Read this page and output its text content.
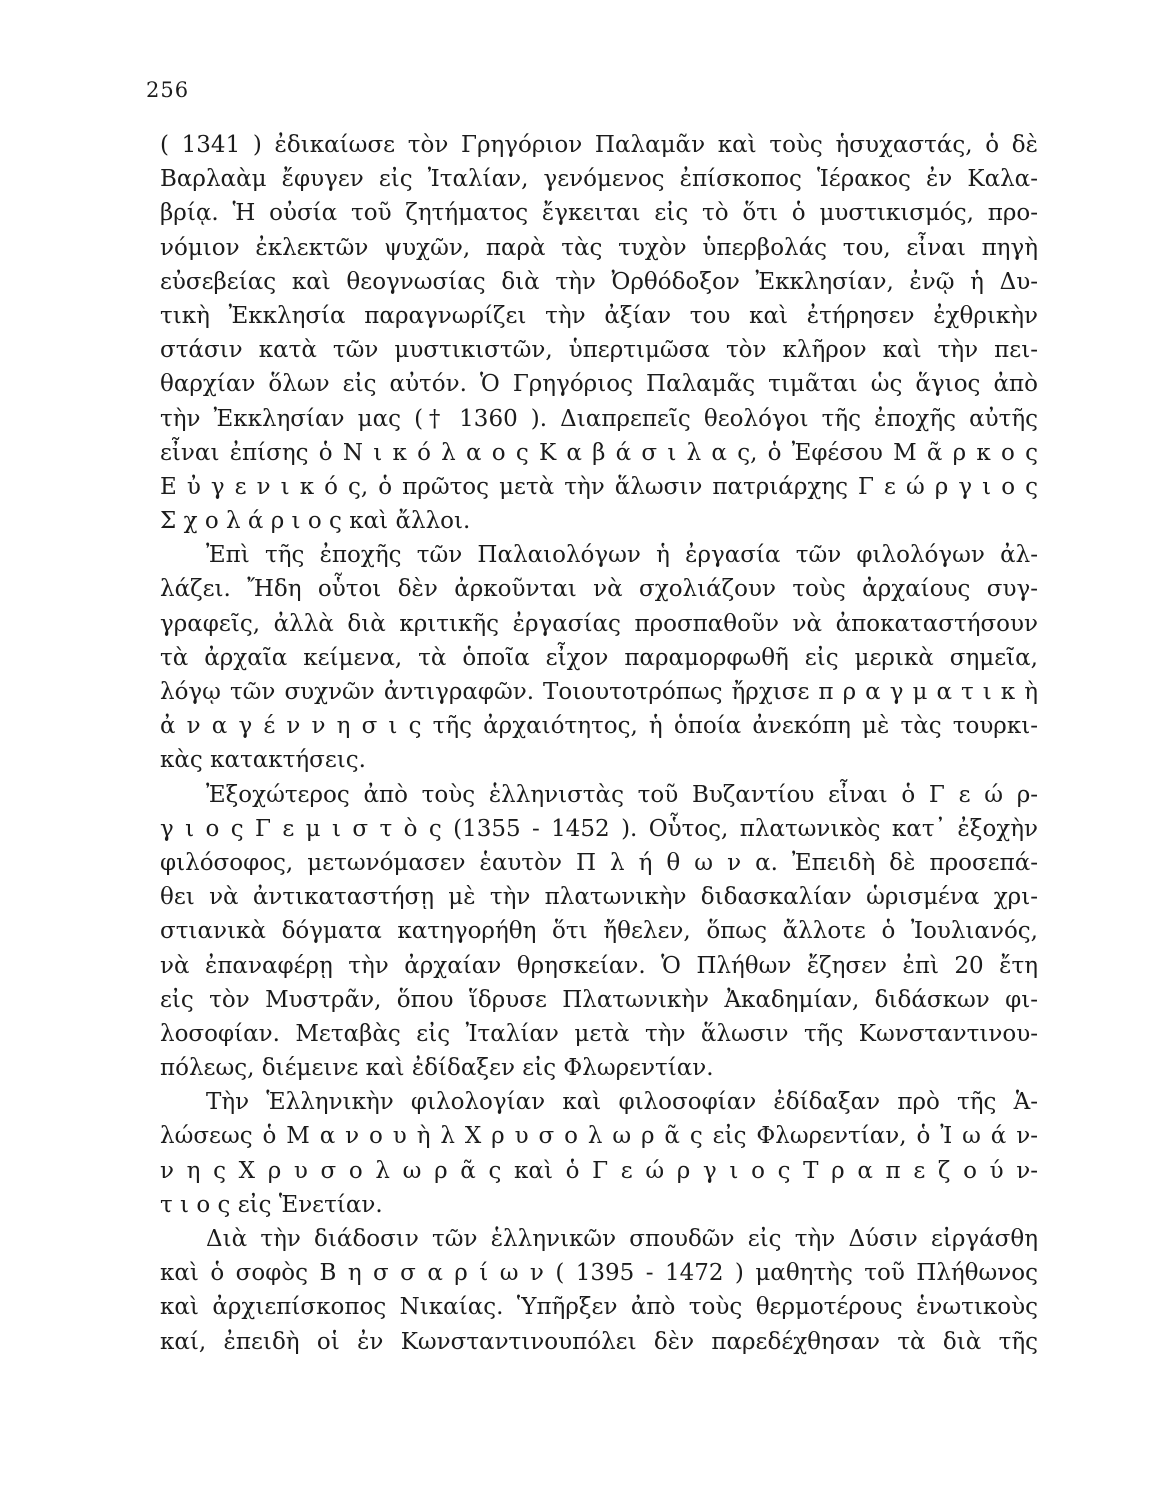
256
( 1341 ) ἐδικαίωσε τὸν Γρηγόριον Παλαμᾶν καὶ τοὺς ἡσυχαστάς, ὁ δὲ
Βαρλαὰμ ἔφυγεν εἰς Ἰταλίαν, γενόμενος ἐπίσκοπος Ἱέρακος ἐν Καλα-
βρίᾳ. Ἡ οὐσία τοῦ ζητήματος ἔγκειται εἰς τὸ ὅτι ὁ μυστικισμός, προ-
νόμιον ἐκλεκτῶν ψυχῶν, παρὰ τὰς τυχὸν ὑπερβολάς του, εἶναι πηγὴ
εὐσεβείας καὶ θεογνωσίας διὰ τὴν Ὀρθόδοξον Ἐκκλησίαν, ἐνῷ ἡ Δυ-
τικὴ Ἐκκλησία παραγνωρίζει τὴν ἀξίαν του καὶ ἐτήρησεν ἐχθρικὴν
στάσιν κατὰ τῶν μυστικιστῶν, ὑπερτιμῶσα τὸν κλῆρον καὶ τὴν πει-
θαρχίαν ὅλων εἰς αὐτόν. Ὁ Γρηγόριος Παλαμᾶς τιμᾶται ὡς ἅγιος ἀπὸ
τὴν Ἐκκλησίαν μας († 1360 ). Διαπρεπεῖς θεολόγοι τῆς ἐποχῆς αὐτῆς
εἶναι ἐπίσης ὁ Ν ι κ ό λ α ο ς Κ α β ά σ ι λ α ς, ὁ Ἐφέσου Μ ᾶ ρ κ ο ς
Ε ὐ γ ε ν ι κ ό ς, ὁ πρῶτος μετὰ τὴν ἅλωσιν πατριάρχης Γ ε ώ ρ γ ι ο ς
Σ χ ο λ ά ρ ι ο ς καὶ ἄλλοι.
Ἐπὶ τῆς ἐποχῆς τῶν Παλαιολόγων ἡ ἐργασία τῶν φιλολόγων ἀλ-
λάζει. Ἤδη οὗτοι δὲν ἀρκοῦνται νὰ σχολιάζουν τοὺς ἀρχαίους συγ-
γραφεῖς, ἀλλὰ διὰ κριτικῆς ἐργασίας προσπαθοῦν νὰ ἀποκαταστήσουν
τὰ ἀρχαῖα κείμενα, τὰ ὁποῖα εἶχον παραμορφωθῆ εἰς μερικὰ σημεῖα,
λόγῳ τῶν συχνῶν ἀντιγραφῶν. Τοιουτοτρόπως ἤρχισε π ρ α γ μ α τ ι κ ὴ
ἀ ν α γ έ ν ν η σ ι ς τῆς ἀρχαιότητος, ἡ ὁποία ἀνεκόπη μὲ τὰς τουρκι-
κὰς κατακτήσεις.
Ἐξοχώτερος ἀπὸ τοὺς ἑλληνιστὰς τοῦ Βυζαντίου εἶναι ὁ Γ ε ώ ρ-
γ ι ο ς Γ ε μ ι σ τ ὸ ς (1355 - 1452 ). Οὗτος, πλατωνικὸς κατ᾽ ἐξοχὴν
φιλόσοφος, μετωνόμασεν ἑαυτὸν Π λ ή θ ω ν α. Ἐπειδὴ δὲ προσεπά-
θει νὰ ἀντικαταστήσῃ μὲ τὴν πλατωνικὴν διδασκαλίαν ὡρισμένα χρι-
στιανικὰ δόγματα κατηγορήθη ὅτι ἤθελεν, ὅπως ἄλλοτε ὁ Ἰουλιανός,
νὰ ἐπαναφέρῃ τὴν ἀρχαίαν θρησκείαν. Ὁ Πλήθων ἔζησεν ἐπὶ 20 ἔτη
εἰς τὸν Μυστρᾶν, ὅπου ἵδρυσε Πλατωνικὴν Ἀκαδημίαν, διδάσκων φι-
λοσοφίαν. Μεταβὰς εἰς Ἰταλίαν μετὰ τὴν ἅλωσιν τῆς Κωνσταντινου-
πόλεως, διέμεινε καὶ ἐδίδαξεν εἰς Φλωρεντίαν.
Τὴν Ἑλληνικὴν φιλολογίαν καὶ φιλοσοφίαν ἐδίδαξαν πρὸ τῆς Ἁ-
λώσεως ὁ Μ α ν ο υ ὴ λ Χ ρ υ σ ο λ ω ρ ᾶ ς εἰς Φλωρεντίαν, ὁ Ἰ ω ά ν-
ν η ς Χ ρ υ σ ο λ ω ρ ᾶ ς καὶ ὁ Γ ε ώ ρ γ ι ο ς Τ ρ α π ε ζ ο ύ ν-
τ ι ο ς εἰς Ἑνετίαν.
Διὰ τὴν διάδοσιν τῶν ἑλληνικῶν σπουδῶν εἰς τὴν Δύσιν εἰργάσθη
καὶ ὁ σοφὸς Β η σ σ α ρ ί ω ν ( 1395 - 1472 ) μαθητὴς τοῦ Πλήθωνος
καὶ ἀρχιεπίσκοπος Νικαίας. Ὑπῆρξεν ἀπὸ τοὺς θερμοτέρους ἑνωτικοὺς
καί, ἐπειδὴ οἱ ἐν Κωνσταντινουπόλει δὲν παρεδέχθησαν τὰ διὰ τῆς
